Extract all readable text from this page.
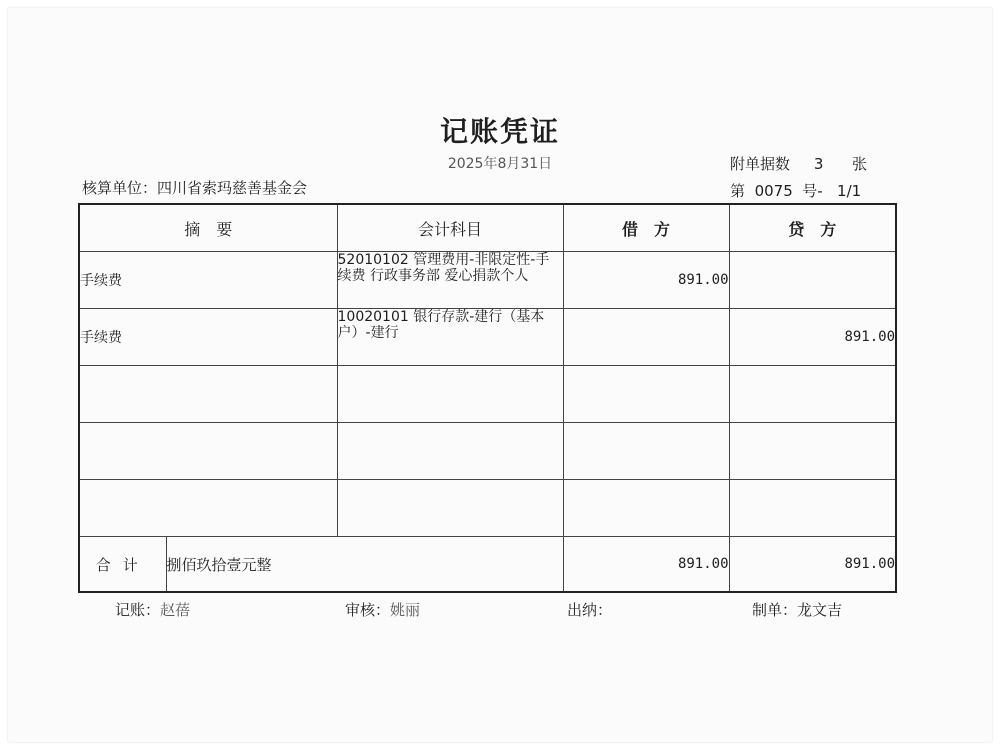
记账凭证
2025年8月31日	附单据数 3 张
核算单位：四川省索玛慈善基金会	第 0075 号- 1/1
摘　要		会计科目	借　方	贷　方
手续费		52010102 管理费用-非限定性-手续费 行政事务部 爱心捐款个人	891.00	
手续费		10020101 银行存款-建行（基本户）-建行		891.00

合计	捌佰玖拾壹元整		891.00	891.00
记账：赵蓓	审核：姚丽	出纳：	制单：龙文吉
